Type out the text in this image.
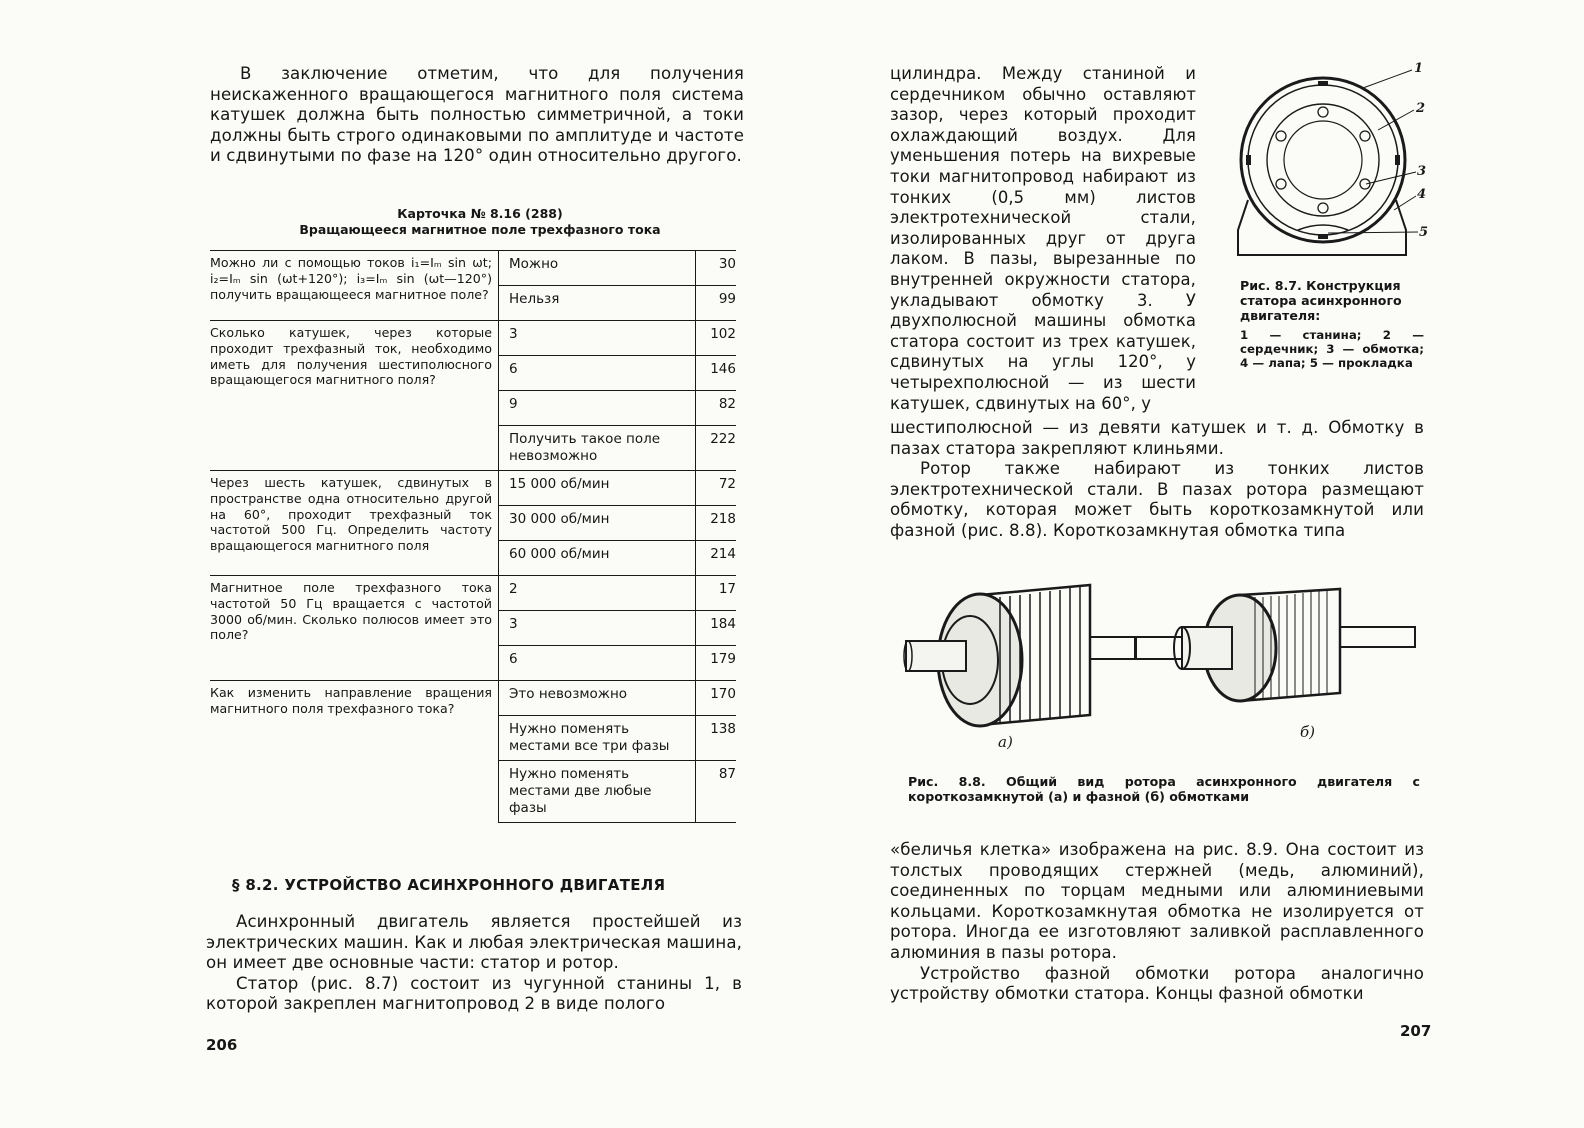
В заключение отметим, что для получения неискаженного вращающегося магнитного поля система катушек должна быть полностью симметричной, а токи должны быть строго одинаковыми по амплитуде и частоте и сдвинутыми по фазе на 120° один относительно другого.

Карточка № 8.16 (288)
Вращающееся магнитное поле трехфазного тока
Можно ли с помощью токов i₁=Iₘ sin ωt; i₂=Iₘ sin (ωt+120°); i₃=Iₘ sin (ωt—120°) получить вращающееся магнитное поле?	Можно	30
	Нельзя	99
Сколько катушек, через которые проходит трехфазный ток, необходимо иметь для получения шестиполюсного вращающегося магнитного поля?	3	102
	6	146
	9	82
	Получить такое поле невозможно	222
Через шесть катушек, сдвинутых в пространстве одна относительно другой на 60°, проходит трехфазный ток частотой 500 Гц. Определить частоту вращающегося магнитного поля	15 000 об/мин	72
	30 000 об/мин	218
	60 000 об/мин	214
Магнитное поле трехфазного тока частотой 50 Гц вращается с частотой 3000 об/мин. Сколько полюсов имеет это поле?	2	17
	3	184
	6	179
Как изменить направление вращения магнитного поля трехфазного тока?	Это невозможно	170
	Нужно поменять местами все три фазы	138
	Нужно поменять местами две любые фазы	87
§ 8.2. УСТРОЙСТВО АСИНХРОННОГО ДВИГАТЕЛЯ

Асинхронный двигатель является простейшей из электрических машин. Как и любая электрическая машина, он имеет две основные части: статор и ротор.

Статор (рис. 8.7) состоит из чугунной станины 1, в которой закреплен магнитопровод 2 в виде полого

206

цилиндра. Между станиной и сердечником обычно оставляют зазор, через который проходит охлаждающий воздух. Для уменьшения потерь на вихревые токи магнитопровод набирают из тонких (0,5 мм) листов электротехнической стали, изолированных друг от друга лаком. В пазы, вырезанные по внутренней окружности статора, укладывают обмотку 3. У двухполюсной машины обмотка статора состоит из трех катушек, сдвинутых на углы 120°, у четырехполюсной — из шести катушек, сдвинутых на 60°, у

1
2
3
4
5
Рис. 8.7. Конструкция статора асинхронного двигателя:
1 — станина; 2 — сердечник; 3 — обмотка; 4 — лапа; 5 — прокладка

шестиполюсной — из девяти катушек и т. д. Обмотку в пазах статора закрепляют клиньями.

Ротор также набирают из тонких листов электротехнической стали. В пазах ротора размещают обмотку, которая может быть короткозамкнутой или фазной (рис. 8.8). Короткозамкнутая обмотка типа

а)
б)
Рис. 8.8. Общий вид ротора асинхронного двигателя с короткозамкнутой (а) и фазной (б) обмотками

«беличья клетка» изображена на рис. 8.9. Она состоит из толстых проводящих стержней (медь, алюминий), соединенных по торцам медными или алюминиевыми кольцами. Короткозамкнутая обмотка не изолируется от ротора. Иногда ее изготовляют заливкой расплавленного алюминия в пазы ротора.

Устройство фазной обмотки ротора аналогично устройству обмотки статора. Концы фазной обмотки

207
